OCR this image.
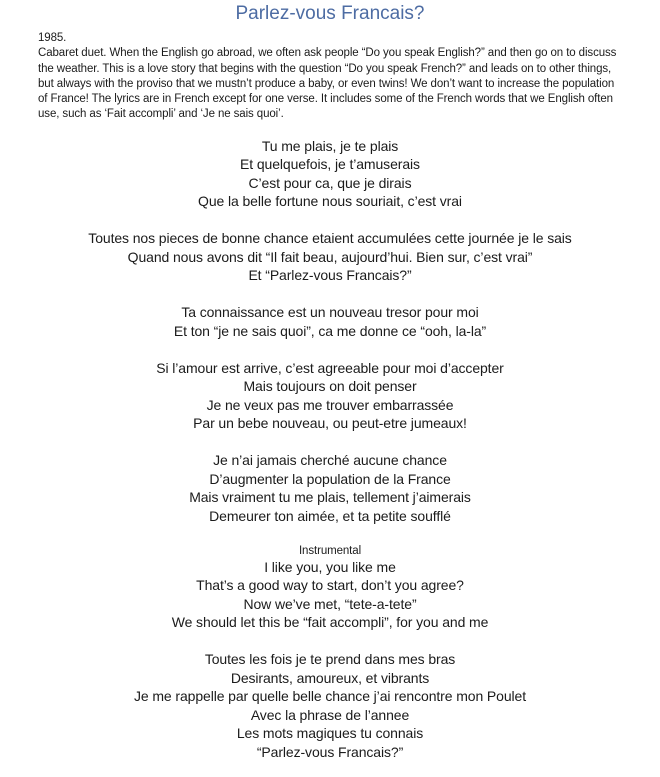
Parlez-vous Francais?
1985.
Cabaret duet. When the English go abroad, we often ask people “Do you speak English?” and then go on to discuss the weather. This is a love story that begins with the question “Do you speak French?” and leads on to other things, but always with the proviso that we mustn’t produce a baby, or even twins! We don’t want to increase the population of France! The lyrics are in French except for one verse. It includes some of the French words that we English often use, such as ‘Fait accompli’ and ‘Je ne sais quoi’.
Tu me plais, je te plais
Et quelquefois, je t’amuserais
C’est pour ca, que je dirais
Que la belle fortune nous souriait, c’est vrai
Toutes nos pieces de bonne chance etaient accumulées cette journée je le sais
Quand nous avons dit “Il fait beau, aujourd’hui. Bien sur, c’est vrai”
Et “Parlez-vous Francais?”
Ta connaissance est un nouveau tresor pour moi
Et ton “je ne sais quoi”, ca me donne ce “ooh, la-la”
Si l’amour est arrive, c’est agreeable pour moi d’accepter
Mais toujours on doit penser
Je ne veux pas me trouver embarrassée
Par un bebe nouveau, ou peut-etre jumeaux!
Je n’ai jamais cherché aucune chance
D’augmenter la population de la France
Mais vraiment tu me plais, tellement j’aimerais
Demeurer ton aimée, et ta petite soufflé
Instrumental
I like you, you like me
That’s a good way to start, don’t you agree?
Now we’ve met, “tete-a-tete”
We should let this be “fait accompli”, for you and me
Toutes les fois je te prend dans mes bras
Desirants, amoureux, et vibrants
Je me rappelle par quelle belle chance j’ai rencontre mon Poulet
Avec la phrase de l’annee
Les mots magiques tu connais
“Parlez-vous Francais?”
